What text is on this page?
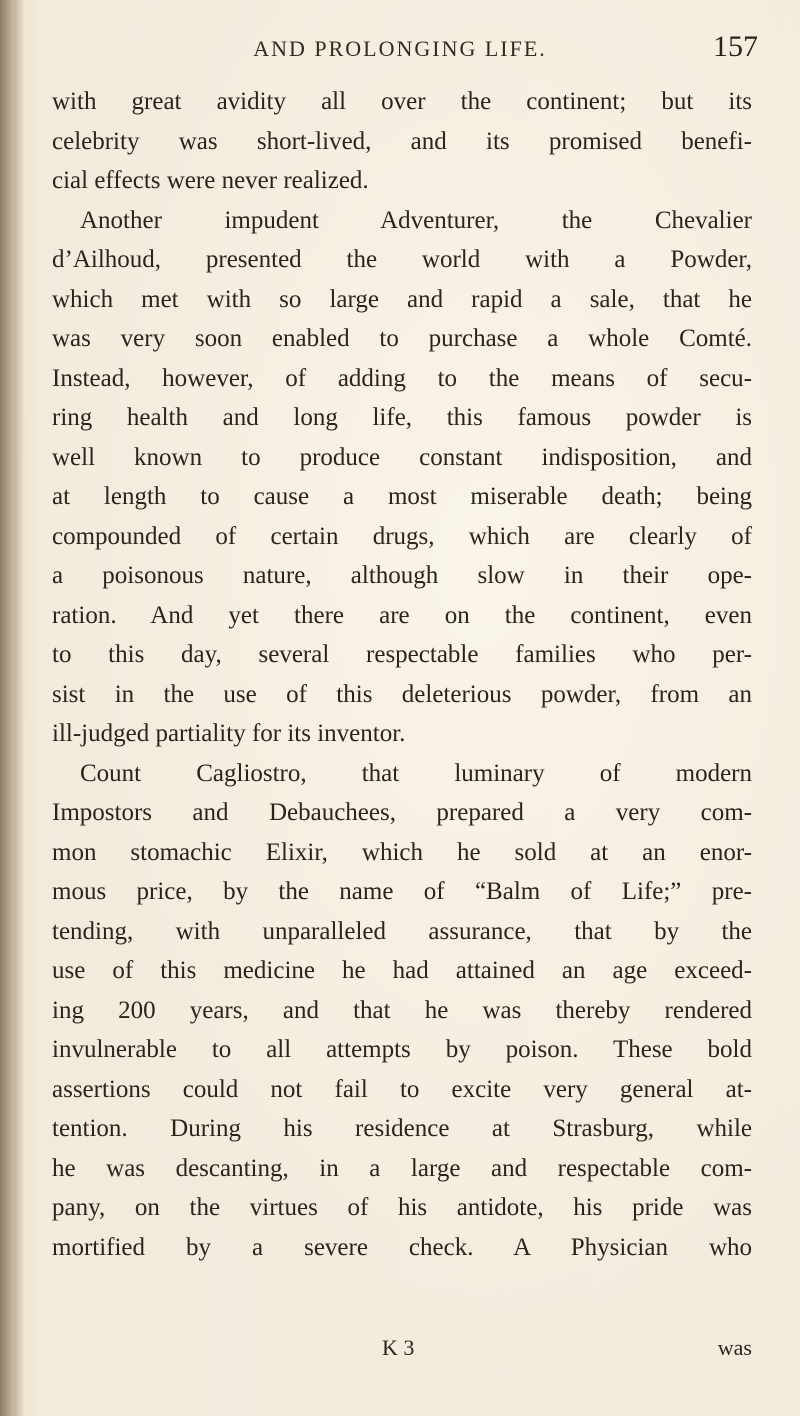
AND PROLONGING LIFE.	157
with great avidity all over the continent; but its
celebrity was short-lived, and its promised benefi-
cial effects were never realized.
Another impudent Adventurer, the Chevalier
d’Ailhoud, presented the world with a Powder,
which met with so large and rapid a sale, that he
was very soon enabled to purchase a whole Comté.
Instead, however, of adding to the means of secu-
ring health and long life, this famous powder is
well known to produce constant indisposition, and
at length to cause a most miserable death; being
compounded of certain drugs, which are clearly of
a poisonous nature, although slow in their ope-
ration. And yet there are on the continent, even
to this day, several respectable families who per-
sist in the use of this deleterious powder, from an
ill-judged partiality for its inventor.
Count Cagliostro, that luminary of modern
Impostors and Debauchees, prepared a very com-
mon stomachic Elixir, which he sold at an enor-
mous price, by the name of “Balm of Life;” pre-
tending, with unparalleled assurance, that by the
use of this medicine he had attained an age exceed-
ing 200 years, and that he was thereby rendered
invulnerable to all attempts by poison. These bold
assertions could not fail to excite very general at-
tention. During his residence at Strasburg, while
he was descanting, in a large and respectable com-
pany, on the virtues of his antidote, his pride was
mortified by a severe check. A Physician who
K 3	was
